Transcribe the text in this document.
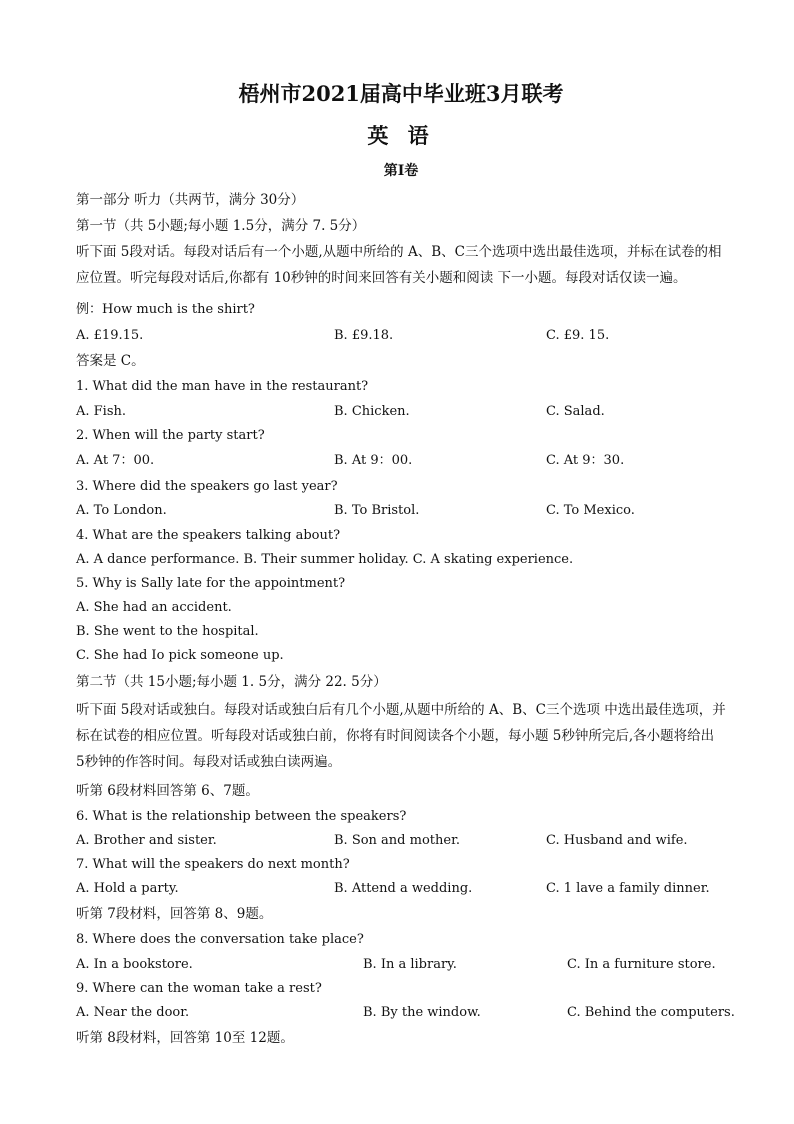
梧州市2021届高中毕业班3月联考
英 语
第Ⅰ卷
第一部分 听力（共两节，满分 30分）
第一节（共 5小题;每小题 1.5分，满分 7. 5分）
听下面 5段对话。每段对话后有一个小题,从题中所给的 A、B、C三个选项中选出最佳选项，并标在试卷的相应位置。听完每段对话后,你都有 10秒钟的时间来回答有关小题和阅读 下一小题。每段对话仅读一遍。
例：How much is the shirt?
A. £19.15.	B. £9.18.	C. £9. 15.
答案是 C。
1. What did the man have in the restaurant?
A. Fish.	B. Chicken.	C. Salad.
2. When will the party start?
A. At 7：00.	B. At 9：00.	C. At 9：30.
3. Where did the speakers go last year?
A. To London.	B. To Bristol.	C. To Mexico.
4. What are the speakers talking about?
A. A dance performance. B. Their summer holiday. C. A skating experience.
5. Why is Sally late for the appointment?
A. She had an accident.
B. She went to the hospital.
C. She had Io pick someone up.
第二节（共 15小题;每小题 1. 5分，满分 22. 5分）
听下面 5段对话或独白。每段对话或独白后有几个小题,从题中所给的 A、B、C三个选项 中选出最佳选项，并标在试卷的相应位置。听每段对话或独白前，你将有时间阅读各个小题，每小题 5秒钟所完后,各小题将给出 5秒钟的作答时间。每段对话或独白读两遍。
听第 6段材料回答第 6、7题。
6. What is the relationship between the speakers?
A. Brother and sister.	B. Son and mother.	C. Husband and wife.
7. What will the speakers do next month?
A. Hold a party.	B. Attend a wedding.	C. 1 lave a family dinner.
听第 7段材料，回答第 8、9题。
8. Where does the conversation take place?
A. In a bookstore.	B. In a library.	C. In a furniture store.
9. Where can the woman take a rest?
A. Near the door.	B. By the window.	C. Behind the computers.
听第 8段材料，回答第 10至 12题。
